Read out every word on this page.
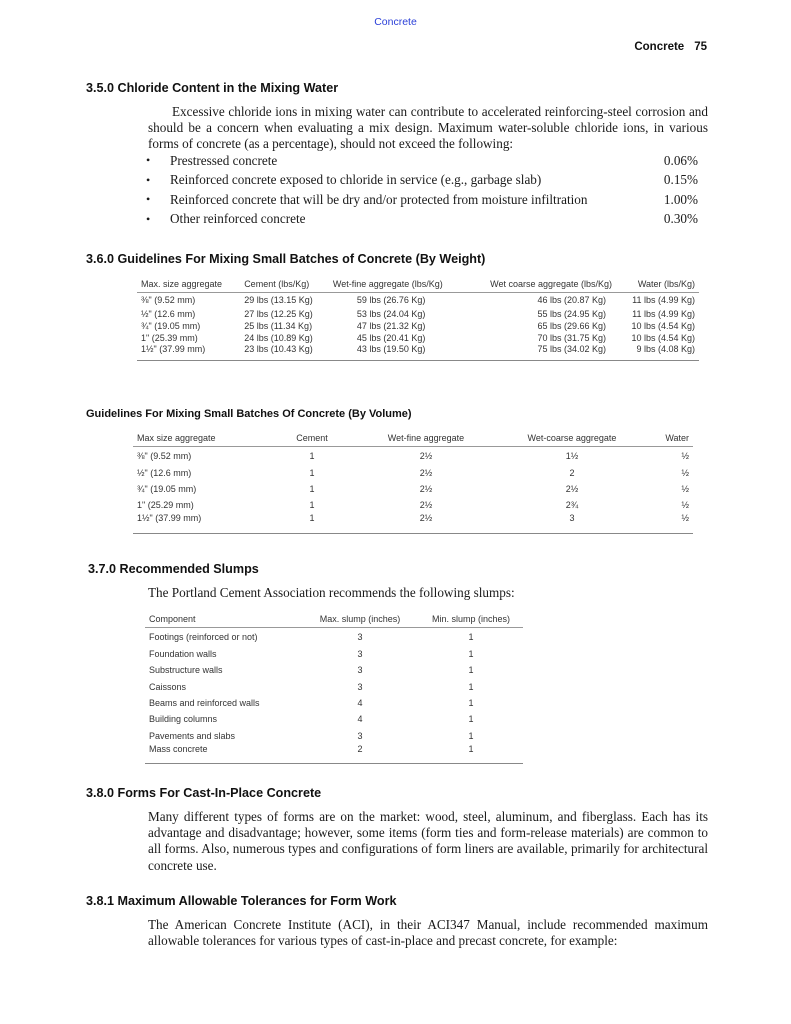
Concrete
Concrete 75
3.5.0 Chloride Content in the Mixing Water

Excessive chloride ions in mixing water can contribute to accelerated reinforcing-steel corrosion and should be a concern when evaluating a mix design. Maximum water-soluble chloride ions, in various forms of concrete (as a percentage), should not exceed the following:

•	Prestressed concrete	0.06%
•	Reinforced concrete exposed to chloride in service (e.g., garbage slab)	0.15%
•	Reinforced concrete that will be dry and/or protected from moisture infiltration	1.00%
•	Other reinforced concrete	0.30%
3.6.0 Guidelines For Mixing Small Batches of Concrete (By Weight)
Max. size aggregate	Cement (lbs/Kg)	Wet-fine aggregate (lbs/Kg)	Wet coarse aggregate (lbs/Kg)	Water (lbs/Kg)
⅜" (9.52 mm)	29 lbs (13.15 Kg)	59 lbs (26.76 Kg)	46 lbs (20.87 Kg)	11 lbs (4.99 Kg)
½" (12.6 mm)	27 lbs (12.25 Kg)	53 lbs (24.04 Kg)	55 lbs (24.95 Kg)	11 lbs (4.99 Kg)
¾" (19.05 mm)	25 lbs (11.34 Kg)	47 lbs (21.32 Kg)	65 lbs (29.66 Kg)	10 lbs (4.54 Kg)
1" (25.39 mm)	24 lbs (10.89 Kg)	45 lbs (20.41 Kg)	70 lbs (31.75 Kg)	10 lbs (4.54 Kg)
1½" (37.99 mm)	23 lbs (10.43 Kg)	43 lbs (19.50 Kg)	75 lbs (34.02 Kg)	9 lbs (4.08 Kg)
Guidelines For Mixing Small Batches Of Concrete (By Volume)
Max size aggregate	Cement	Wet-fine aggregate	Wet-coarse aggregate	Water
⅜" (9.52 mm)	1	2½	1½	½
½" (12.6 mm)	1	2½	2	½
¾" (19.05 mm)	1	2½	2½	½
1" (25.29 mm)	1	2½	2¾	½
1½" (37.99 mm)	1	2½	3	½
3.7.0 Recommended Slumps

The Portland Cement Association recommends the following slumps:

Component	Max. slump (inches)	Min. slump (inches)
Footings (reinforced or not)	3	1
Foundation walls	3	1
Substructure walls	3	1
Caissons	3	1
Beams and reinforced walls	4	1
Building columns	4	1
Pavements and slabs	3	1
Mass concrete	2	1
3.8.0 Forms For Cast-In-Place Concrete

Many different types of forms are on the market: wood, steel, aluminum, and fiberglass. Each has its advantage and disadvantage; however, some items (form ties and form-release materials) are common to all forms. Also, numerous types and configurations of form liners are available, primarily for architectural concrete use.

3.8.1 Maximum Allowable Tolerances for Form Work

The American Concrete Institute (ACI), in their ACI347 Manual, include recommended maximum allowable tolerances for various types of cast-in-place and precast concrete, for example:
